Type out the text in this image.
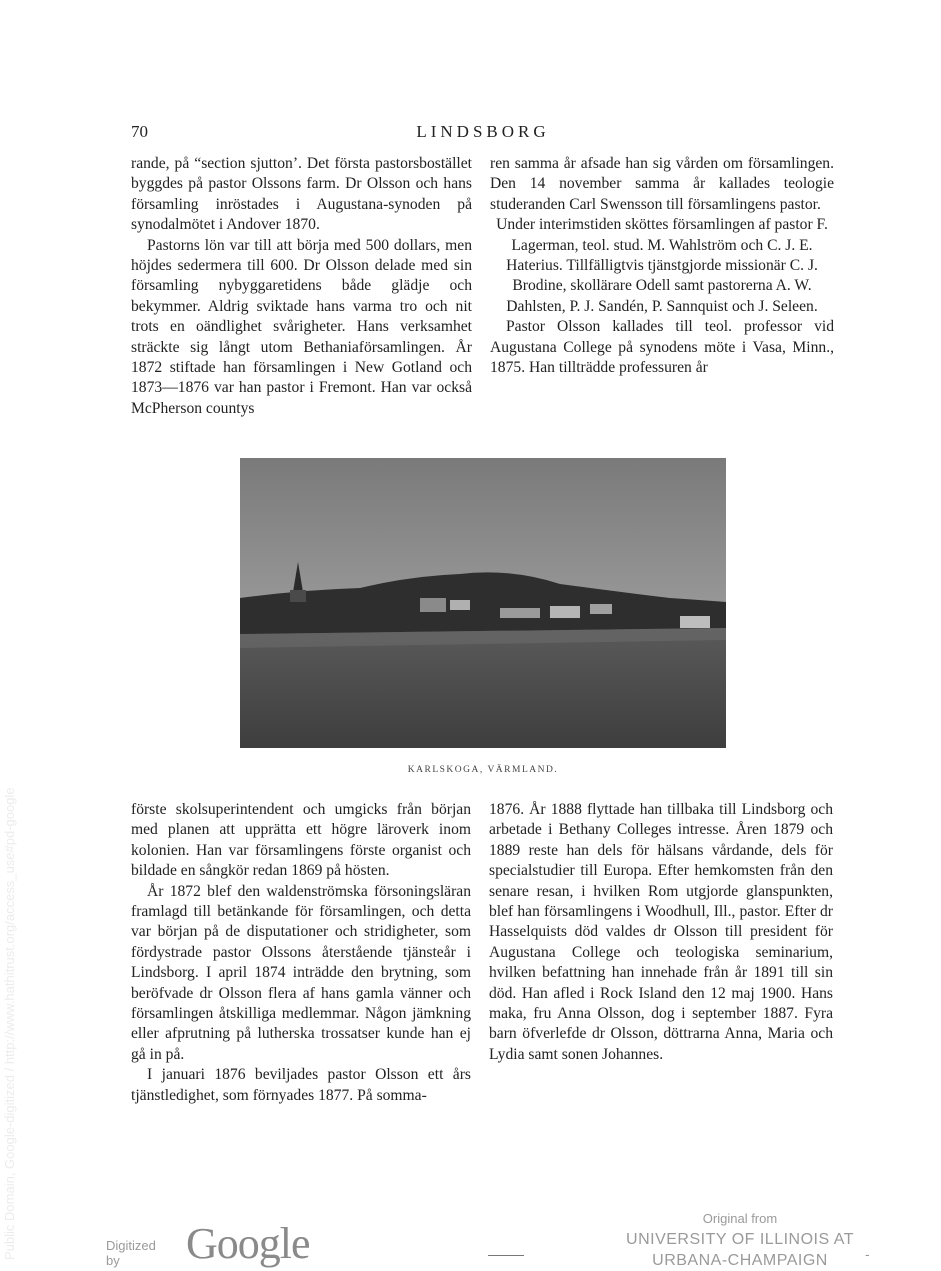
70	LINDSBORG

rande, på “section sjutton’. Det första pastorsbostället byggdes på pastor Olssons farm. Dr Olsson och hans församling inröstades i Augustana-synoden på synodalmötet i Andover 1870.

Pastorns lön var till att börja med 500 dollars, men höjdes sedermera till 600. Dr Olsson delade med sin församling nybyggaretidens både glädje och bekymmer. Aldrig sviktade hans varma tro och nit trots en oändlighet svårigheter. Hans verksamhet sträckte sig långt utom Bethaniaförsamlingen. År 1872 stiftade han församlingen i New Gotland och 1873—1876 var han pastor i Fremont. Han var också McPherson countys

ren samma år afsade han sig vården om församlingen. Den 14 november samma år kallades teologie studeranden Carl Swensson till församlingens pastor.

Under interimstiden sköttes församlingen af pastor F. Lagerman, teol. stud. M. Wahlström och C. J. E. Haterius. Tillfälligtvis tjänstgjorde missionär C. J. Brodine, skollärare Odell samt pastorerna A. W. Dahlsten, P. J. Sandén, P. Sannquist och J. Seleen.

Pastor Olsson kallades till teol. professor vid Augustana College på synodens möte i Vasa, Minn., 1875. Han tillträdde professuren år

KARLSKOGA, VÄRMLAND.

förste skolsuperintendent och umgicks från början med planen att upprätta ett högre läroverk inom kolonien. Han var församlingens förste organist och bildade en sångkör redan 1869 på hösten.

År 1872 blef den waldenströmska försoningsläran framlagd till betänkande för församlingen, och detta var början på de disputationer och stridigheter, som fördystrade pastor Olssons återstående tjänsteår i Lindsborg. I april 1874 inträdde den brytning, som beröfvade dr Olsson flera af hans gamla vänner och församlingen åtskilliga medlemmar. Någon jämkning eller afprutning på lutherska trossatser kunde han ej gå in på.

I januari 1876 beviljades pastor Olsson ett års tjänstledighet, som förnyades 1877. På somma-

1876. År 1888 flyttade han tillbaka till Lindsborg och arbetade i Bethany Colleges intresse. Åren 1879 och 1889 reste han dels för hälsans vårdande, dels för specialstudier till Europa. Efter hemkomsten från den senare resan, i hvilken Rom utgjorde glanspunkten, blef han församlingens i Woodhull, Ill., pastor. Efter dr Hasselquists död valdes dr Olsson till president för Augustana College och teologiska seminarium, hvilken befattning han innehade från år 1891 till sin död. Han afled i Rock Island den 12 maj 1900. Hans maka, fru Anna Olsson, dog i september 1887. Fyra barn öfverlefde dr Olsson, döttrarna Anna, Maria och Lydia samt sonen Johannes.

Public Domain, Google-digitized / http://www.hathitrust.org/access_use#pd-google	Digitized by	Google
Original from
UNIVERSITY OF ILLINOIS AT
URBANA-CHAMPAIGN	-
